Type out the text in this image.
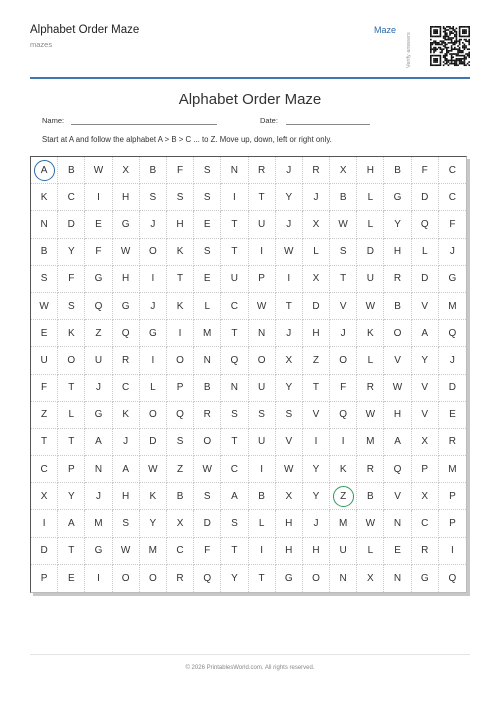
Alphabet Order Maze
mazes
Maze
Verify answers
Alphabet Order Maze
Name:	Date:
Start at A and follow the alphabet A > B > C ... to Z. Move up, down, left or right only.
A B W X B F S N R J R X H B F C
K C I H S S S I T Y J B L G D C
N D E G J H E T U J X W L Y Q F
B Y F W O K S T I W L S D H L J
S F G H I T E U P I X T U R D G
W S Q G J K L C W T D V W B V M
E K Z Q G I M T N J H J K O A Q
U O U R I O N Q O X Z O L V Y J
F T J C L P B N U Y T F R W V D
Z L G K O Q R S S S V Q W H V E
T T A J D S O T U V I I M A X R
C P N A W Z W C I W Y K R Q P M
X Y J H K B S A B X Y Z B V X P
I A M S Y X D S L H J M W N C P
D T G W M C F T I H H U L E R I
P E I O O R Q Y T G O N X N G Q
© 2026 PrintablesWorld.com. All rights reserved.
